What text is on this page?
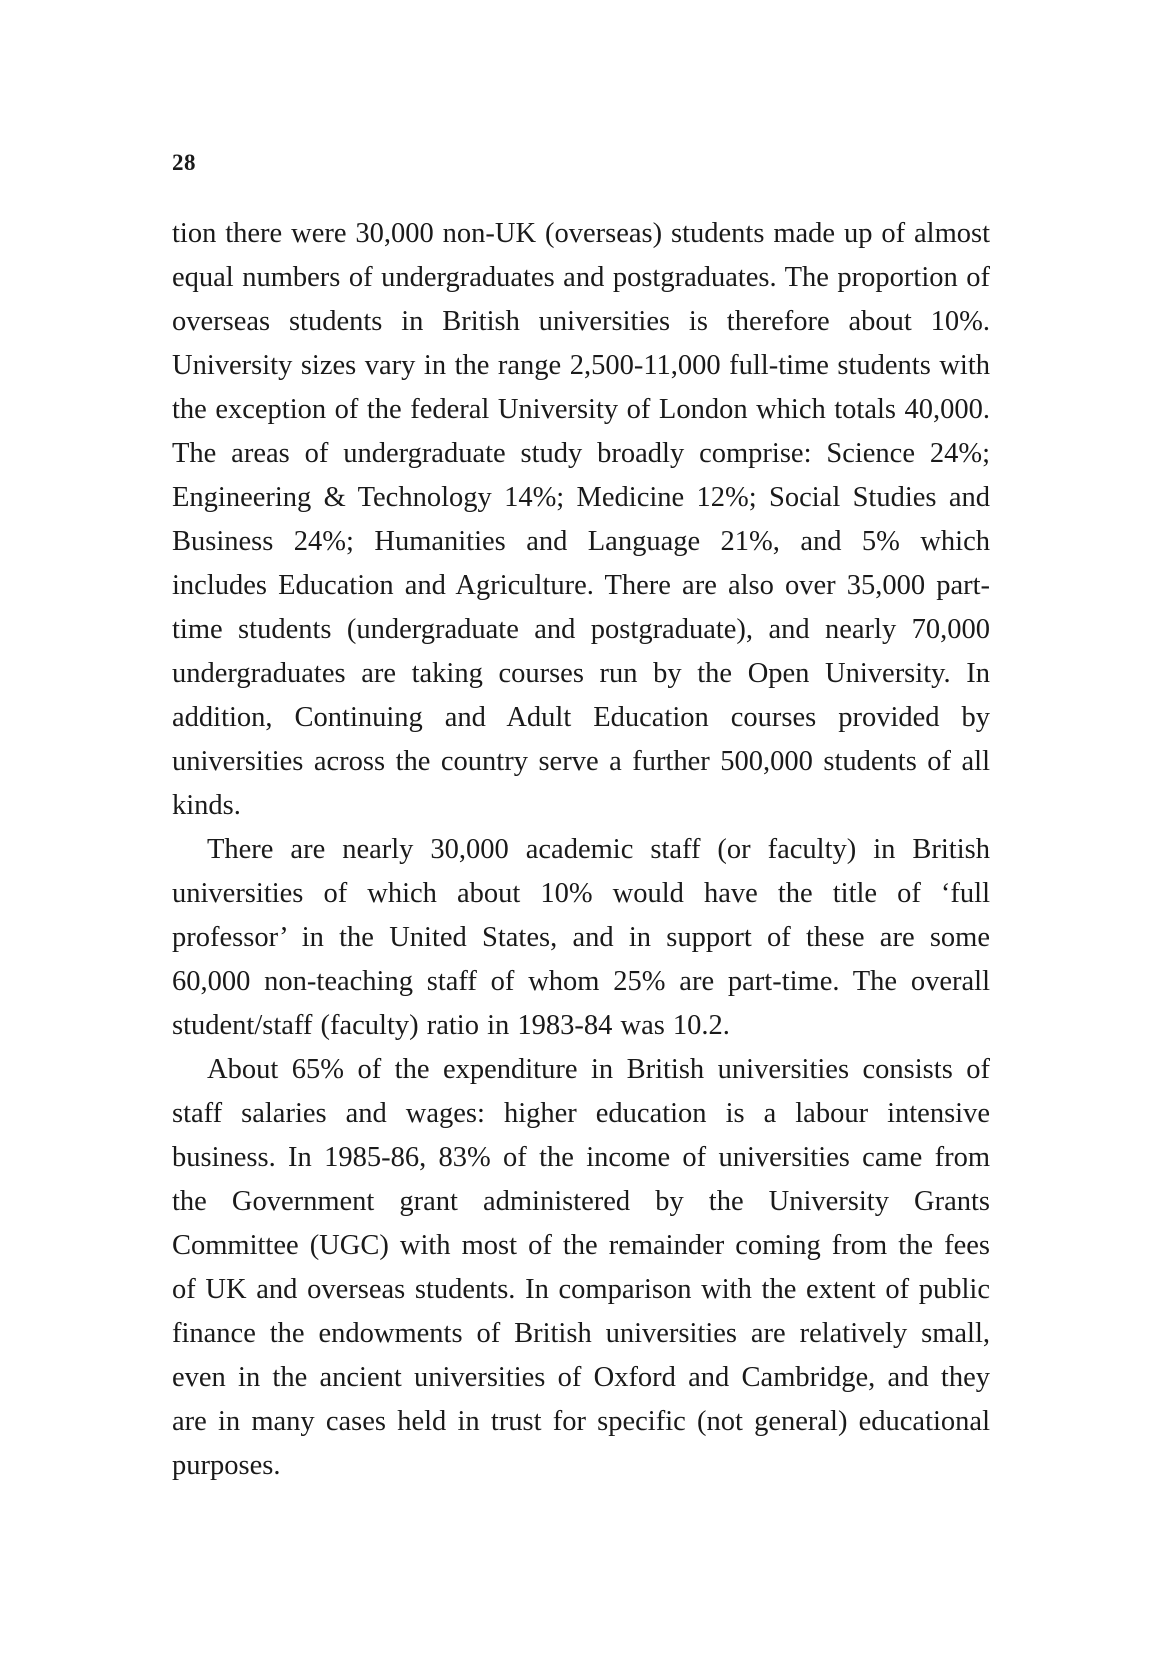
28

tion there were 30,000 non-UK (overseas) students made up of almost equal numbers of undergraduates and postgraduates. The proportion of overseas students in British universities is therefore about 10%. University sizes vary in the range 2,500-11,000 full-time students with the exception of the federal University of London which totals 40,000. The areas of undergraduate study broadly comprise: Science 24%; Engineering & Technology 14%; Medicine 12%; Social Studies and Business 24%; Humanities and Language 21%, and 5% which includes Education and Agriculture. There are also over 35,000 part-time students (undergraduate and postgraduate), and nearly 70,000 undergraduates are taking courses run by the Open University. In addition, Continuing and Adult Education courses provided by universities across the country serve a further 500,000 students of all kinds.

There are nearly 30,000 academic staff (or faculty) in British universities of which about 10% would have the title of ‘full professor’ in the United States, and in support of these are some 60,000 non-teaching staff of whom 25% are part-time. The overall student/staff (faculty) ratio in 1983-84 was 10.2.

About 65% of the expenditure in British universities consists of staff salaries and wages: higher education is a labour intensive business. In 1985-86, 83% of the income of universities came from the Government grant administered by the University Grants Committee (UGC) with most of the remainder coming from the fees of UK and overseas students. In comparison with the extent of public finance the endowments of British universities are relatively small, even in the ancient universities of Oxford and Cambridge, and they are in many cases held in trust for specific (not general) educational purposes.
